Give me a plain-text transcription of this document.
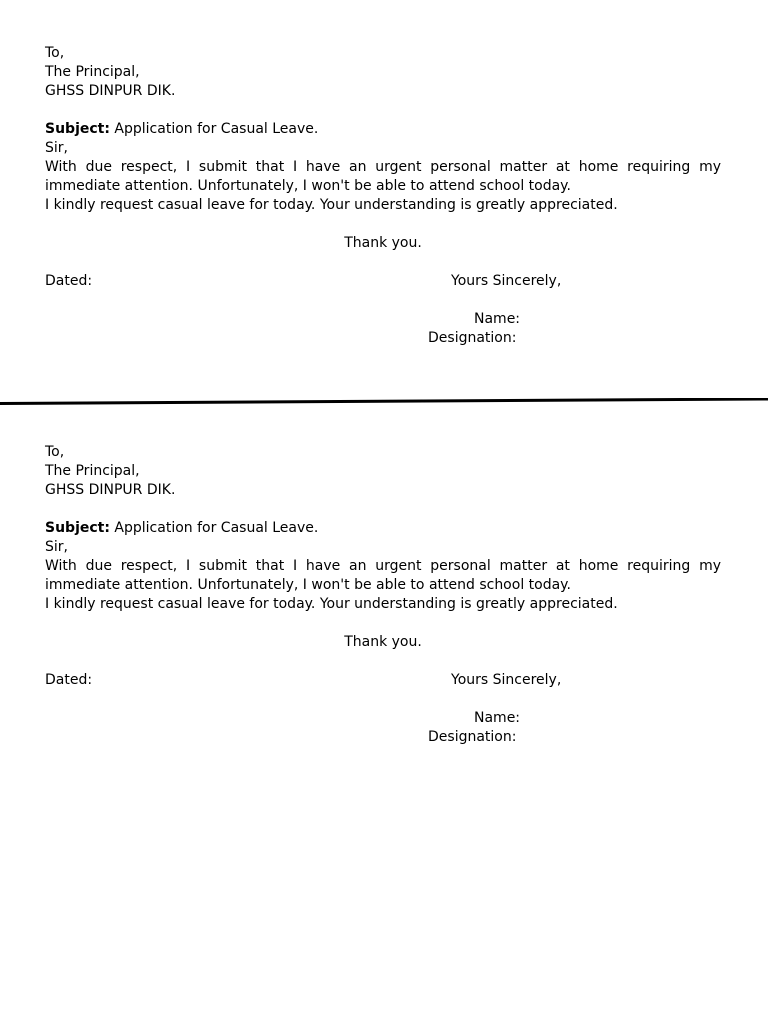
To,
The Principal,
GHSS DINPUR DIK.
Subject: Application for Casual Leave.
Sir,
With due respect, I submit that I have an urgent personal matter at home requiring my immediate attention. Unfortunately, I won't be able to attend school today.
I kindly request casual leave for today. Your understanding is greatly appreciated.
Thank you.
Dated:	Yours Sincerely,
Name:
Designation:
To,
The Principal,
GHSS DINPUR DIK.
Subject: Application for Casual Leave.
Sir,
With due respect, I submit that I have an urgent personal matter at home requiring my immediate attention. Unfortunately, I won't be able to attend school today.
I kindly request casual leave for today. Your understanding is greatly appreciated.
Thank you.
Dated:	Yours Sincerely,
Name:
Designation:
